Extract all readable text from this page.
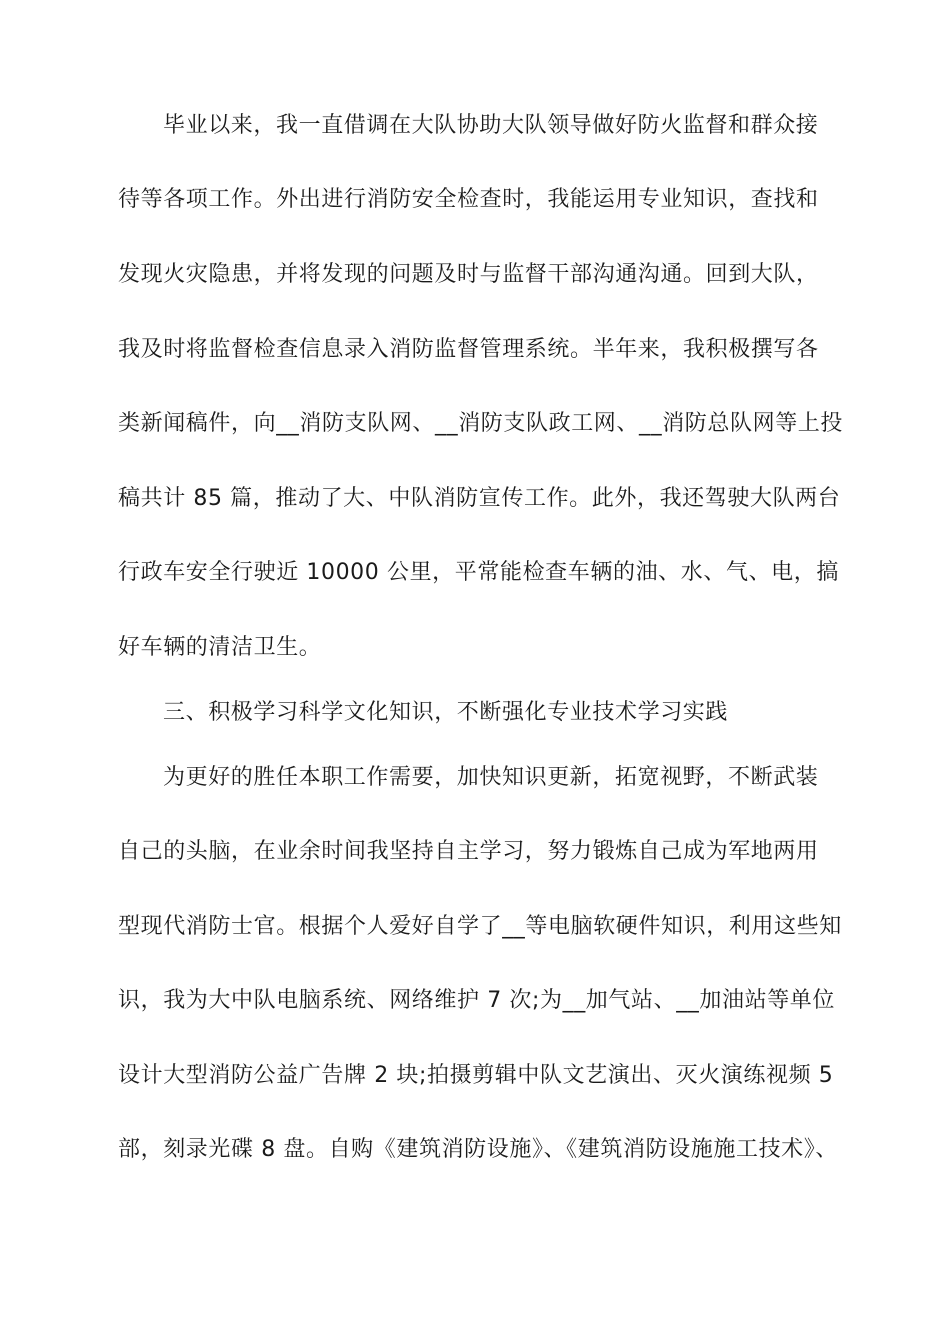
毕业以来，我一直借调在大队协助大队领导做好防火监督和群众接
待等各项工作。外出进行消防安全检查时，我能运用专业知识，查找和
发现火灾隐患，并将发现的问题及时与监督干部沟通沟通。回到大队，
我及时将监督检查信息录入消防监督管理系统。半年来，我积极撰写各
类新闻稿件，向__消防支队网、__消防支队政工网、__消防总队网等上投
稿共计 85 篇，推动了大、中队消防宣传工作。此外，我还驾驶大队两台
行政车安全行驶近 10000 公里，平常能检查车辆的油、水、气、电，搞
好车辆的清洁卫生。
三、积极学习科学文化知识，不断强化专业技术学习实践
为更好的胜任本职工作需要，加快知识更新，拓宽视野，不断武装
自己的头脑，在业余时间我坚持自主学习，努力锻炼自己成为军地两用
型现代消防士官。根据个人爱好自学了__等电脑软硬件知识，利用这些知
识，我为大中队电脑系统、网络维护 7 次;为__加气站、__加油站等单位
设计大型消防公益广告牌 2 块;拍摄剪辑中队文艺演出、灭火演练视频 5
部，刻录光碟 8 盘。自购《建筑消防设施》、《建筑消防设施施工技术》、
